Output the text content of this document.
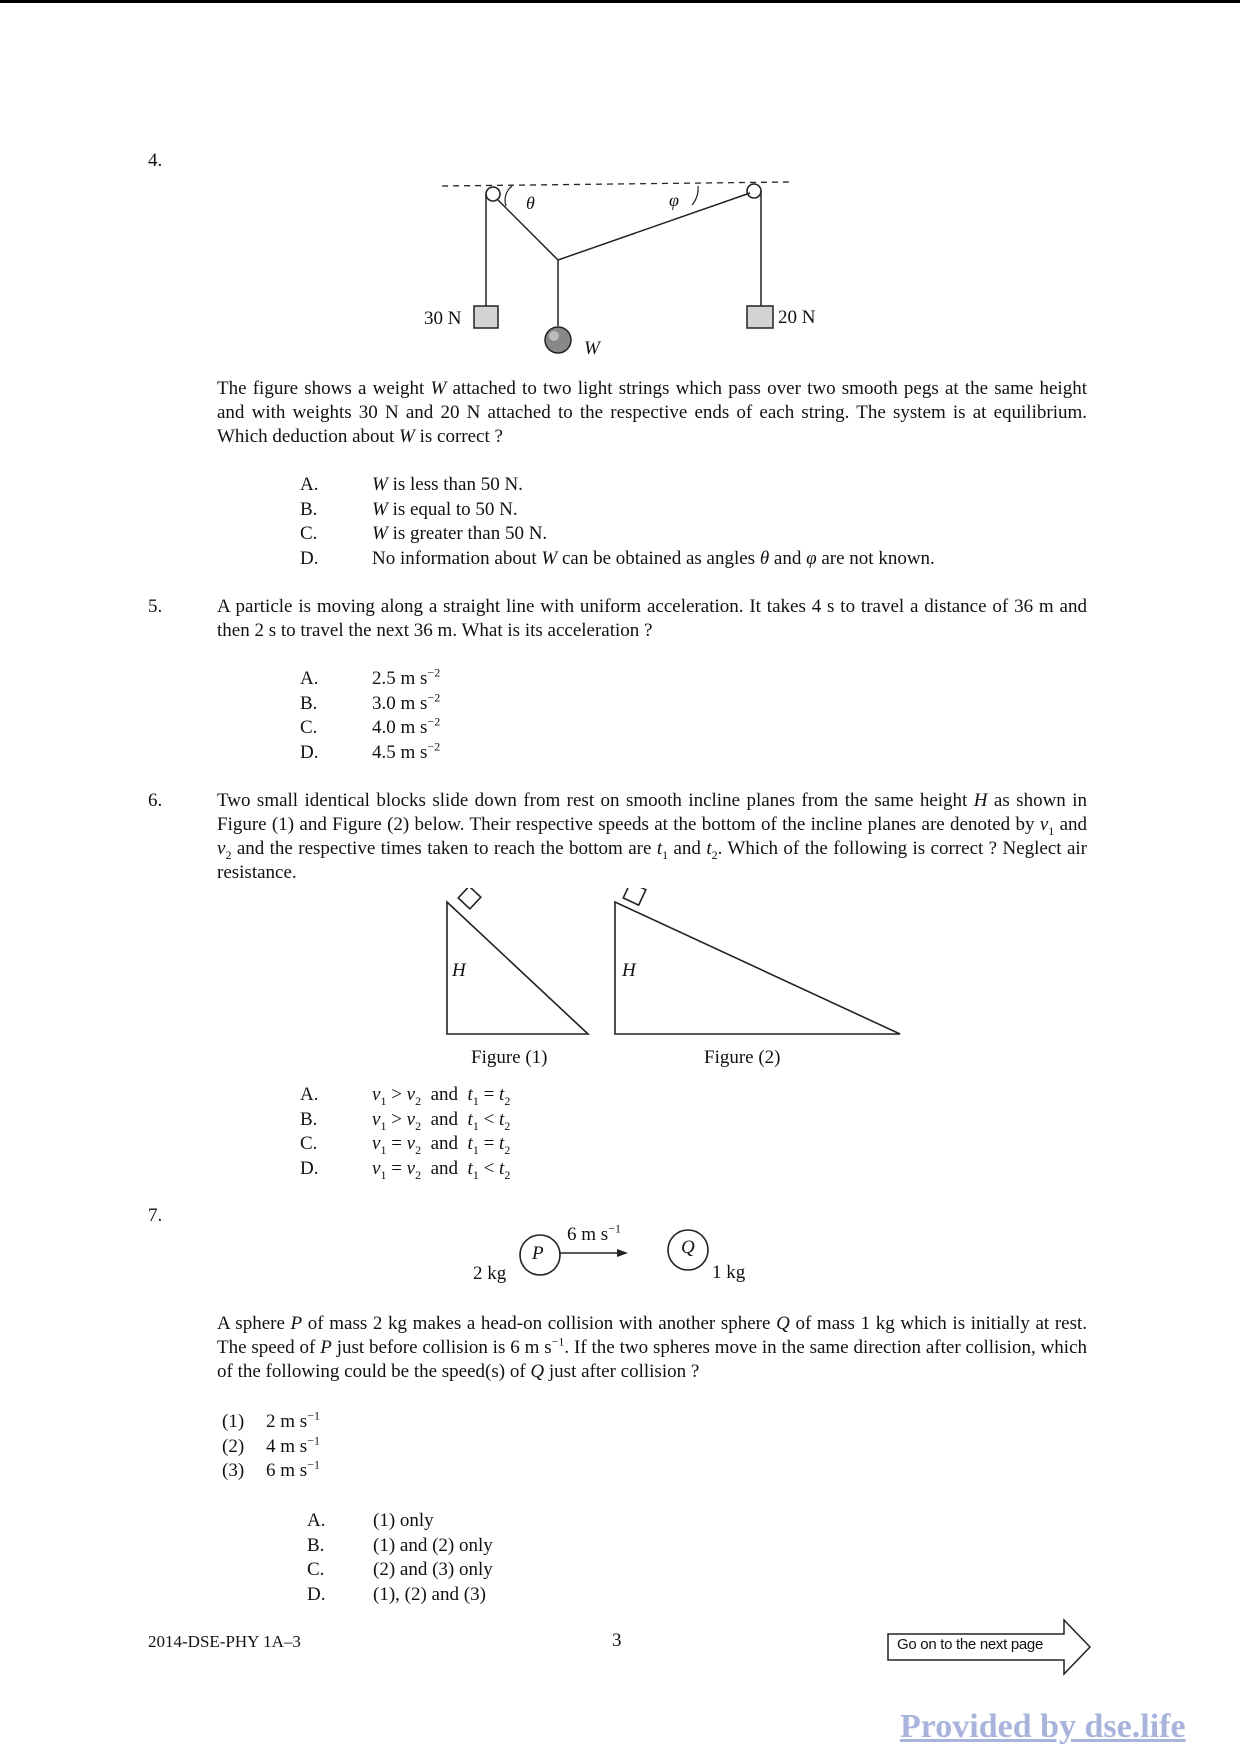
4.
θ	φ
30 N	20 N
W

The figure shows a weight W attached to two light strings which pass over two smooth pegs at the same height and with weights 30 N and 20 N attached to the respective ends of each string. The system is at equilibrium. Which deduction about W is correct ?

A.	W is less than 50 N.
B.	W is equal to 50 N.
C.	W is greater than 50 N.
D.	No information about W can be obtained as angles θ and φ are not known.
5.	A particle is moving along a straight line with uniform acceleration. It takes 4 s to travel a distance of 36 m and then 2 s to travel the next 36 m. What is its acceleration ?

A.	2.5 m $s^{-2}$
B.	3.0 m $s^{-2}$
C.	4.0 m $s^{-2}$
D.	4.5 m $s^{-2}$
6.	Two small identical blocks slide down from rest on smooth incline planes from the same height H as shown in Figure (1) and Figure (2) below. Their respective speeds at the bottom of the incline planes are denoted by $v_1$ and $v_2$ and the respective times taken to reach the bottom are $t_1$ and $t_2$. Which of the following is correct ? Neglect air resistance.

H	H
Figure (1)	Figure (2)
A.	$v_1 > v_2$ and $t_1 = t_2$
B.	$v_1 > v_2$ and $t_1 < t_2$
C.	$v_1 = v_2$ and $t_1 = t_2$
D.	$v_1 = v_2$ and $t_1 < t_2$
7.
P	Q
2 kg	1 kg
6 m $s^{-1}$

A sphere P of mass 2 kg makes a head-on collision with another sphere Q of mass 1 kg which is initially at rest. The speed of P just before collision is 6 m $s^{-1}$. If the two spheres move in the same direction after collision, which of the following could be the speed(s) of Q just after collision ?

(1)	2 m $s^{-1}$
(2)	4 m $s^{-1}$
(3)	6 m $s^{-1}$
A.	(1) only
B.	(1) and (2) only
C.	(2) and (3) only
D.	(1), (2) and (3)
2014-DSE-PHY 1A–3	3	Go on to the next page
Provided by dse.life
